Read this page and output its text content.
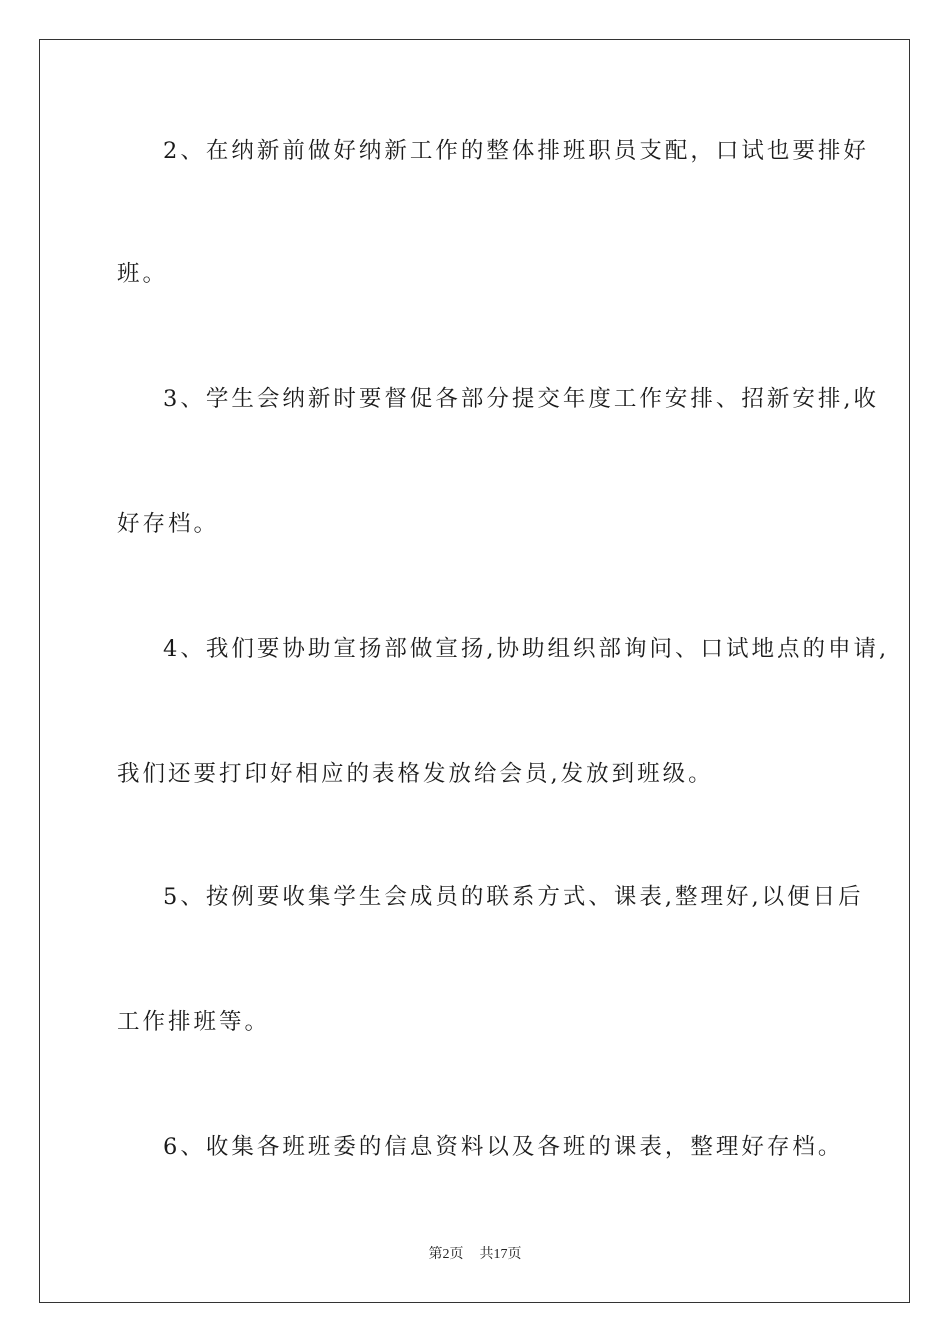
2、在纳新前做好纳新工作的整体排班职员支配，口试也要排好
班。
3、学生会纳新时要督促各部分提交年度工作安排、招新安排,收
好存档。
4、我们要协助宣扬部做宣扬,协助组织部询问、口试地点的申请,
我们还要打印好相应的表格发放给会员,发放到班级。
5、按例要收集学生会成员的联系方式、课表,整理好,以便日后
工作排班等。
6、收集各班班委的信息资料以及各班的课表，整理好存档。
第2页 共17页
